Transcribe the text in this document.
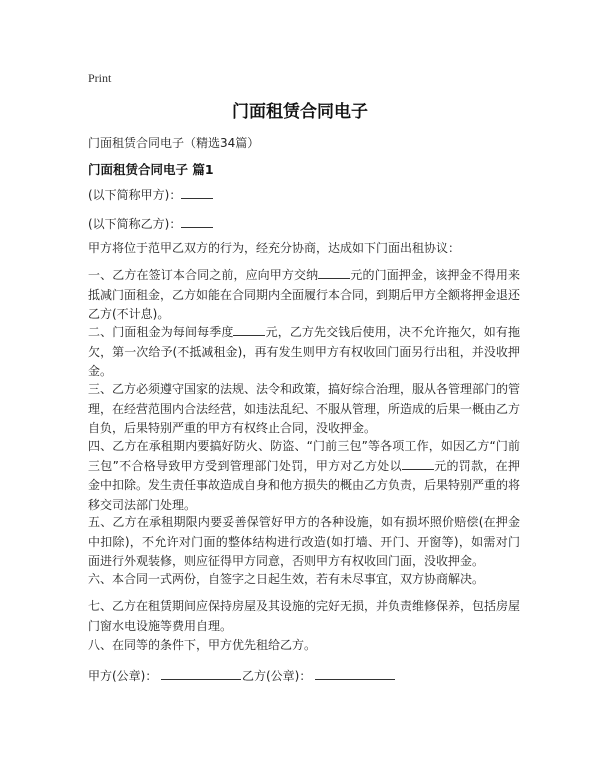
Print
门面租赁合同电子
门面租赁合同电子（精选34篇）
门面租赁合同电子 篇1

(以下简称甲方)：

(以下简称乙方)：

甲方将位于范甲乙双方的行为，经充分协商，达成如下门面出租协议：

一、乙方在签订本合同之前，应向甲方交纳	元的门面押金，该押金不得用来抵减门面租金，乙方如能在合同期内全面履行本合同，到期后甲方全额将押金退还乙方(不计息)。

二、门面租金为每间每季度	元，乙方先交钱后使用，决不允许拖欠，如有拖欠，第一次给予(不抵减租金)，再有发生则甲方有权收回门面另行出租，并没收押金。

三、乙方必须遵守国家的法规、法令和政策，搞好综合治理，服从各管理部门的管理，在经营范围内合法经营，如违法乱纪、不服从管理，所造成的后果一概由乙方自负，后果特别严重的甲方有权终止合同，没收押金。

四、乙方在承租期内要搞好防火、防盗、“门前三包”等各项工作，如因乙方“门前三包”不合格导致甲方受到管理部门处罚，甲方对乙方处以	元的罚款，在押金中扣除。发生责任事故造成自身和他方损失的概由乙方负责，后果特别严重的将移交司法部门处理。

五、乙方在承租期限内要妥善保管好甲方的各种设施，如有损坏照价赔偿(在押金中扣除)，不允许对门面的整体结构进行改造(如打墙、开门、开窗等)，如需对门面进行外观装修，则应征得甲方同意，否则甲方有权收回门面，没收押金。

六、本合同一式两份，自签字之日起生效，若有未尽事宜，双方协商解决。

七、乙方在租赁期间应保持房屋及其设施的完好无损，并负责维修保养，包括房屋门窗水电设施等费用自理。

八、在同等的条件下，甲方优先租给乙方。

甲方(公章)：	乙方(公章)：
